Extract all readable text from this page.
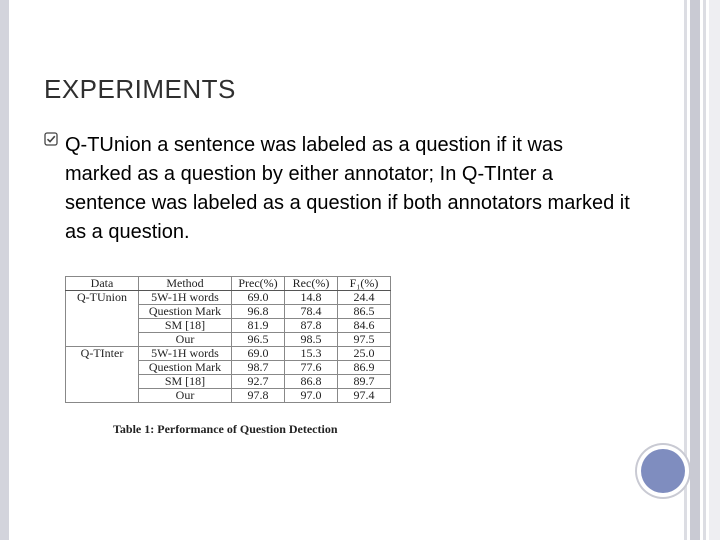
EXPERIMENTS
Q-TUnion a sentence was labeled as a question if it was marked as a question by either annotator; In Q-TInter a sentence was labeled as a question if both annotators marked it as a question.
Data	Method	Prec(%)	Rec(%)	F₁(%)
Q-TUnion	5W-1H words	69.0	14.8	24.4
	Question Mark	96.8	78.4	86.5
	SM [18]	81.9	87.8	84.6
	Our	96.5	98.5	97.5
Q-TInter	5W-1H words	69.0	15.3	25.0
	Question Mark	98.7	77.6	86.9
	SM [18]	92.7	86.8	89.7
	Our	97.8	97.0	97.4
Table 1: Performance of Question Detection
